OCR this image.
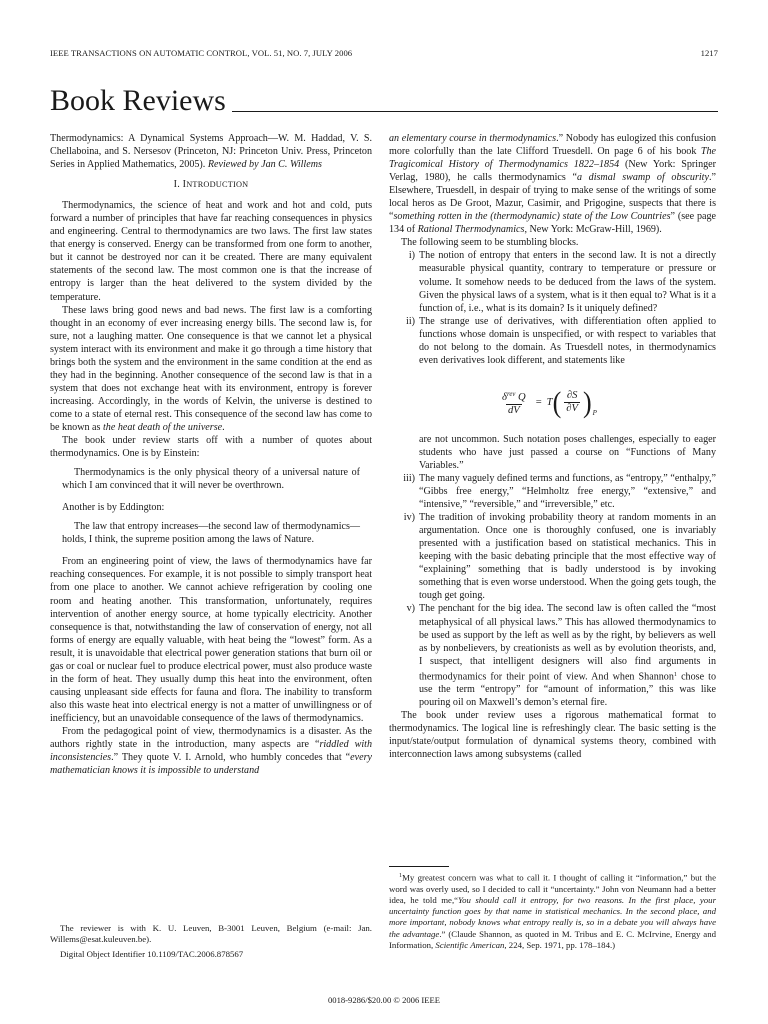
IEEE TRANSACTIONS ON AUTOMATIC CONTROL, VOL. 51, NO. 7, JULY 2006	1217
Book Reviews

Thermodynamics: A Dynamical Systems Approach—W. M. Haddad, V. S. Chellaboina, and S. Nersesov (Princeton, NJ: Princeton Univ. Press, Princeton Series in Applied Mathematics, 2005). Reviewed by Jan C. Willems

I. INTRODUCTION

Thermodynamics, the science of heat and work and hot and cold, puts forward a number of principles that have far reaching consequences in physics and engineering. Central to thermodynamics are two laws. The first law states that energy is conserved. Energy can be transformed from one form to another, but it cannot be destroyed nor can it be created. There are many equivalent statements of the second law. The most common one is that the increase of entropy is larger than the heat delivered to the system divided by the temperature.

These laws bring good news and bad news. The first law is a comforting thought in an economy of ever increasing energy bills. The second law is, for sure, not a laughing matter. One consequence is that we cannot let a physical system interact with its environment and make it go through a time history that brings both the system and the environment in the same condition at the end as they had in the beginning. Another consequence of the second law is that in a system that does not exchange heat with its environment, entropy is forever increasing. Accordingly, in the words of Kelvin, the universe is destined to come to a state of eternal rest. This consequence of the second law has come to be known as the heat death of the universe.

The book under review starts off with a number of quotes about thermodynamics. One is by Einstein:

Thermodynamics is the only physical theory of a universal nature of which I am convinced that it will never be overthrown.

Another is by Eddington:

The law that entropy increases—the second law of thermodynamics—holds, I think, the supreme position among the laws of Nature.

From an engineering point of view, the laws of thermodynamics have far reaching consequences. For example, it is not possible to simply transport heat from one place to another. We cannot achieve refrigeration by cooling one room and heating another. This transformation, unfortunately, requires intervention of another energy source, at home typically electricity. Another consequence is that, notwithstanding the law of conservation of energy, not all forms of energy are equally valuable, with heat being the “lowest” form. As a result, it is unavoidable that electrical power generation stations that burn oil or gas or coal or nuclear fuel to produce electrical power, must also produce waste in the form of heat. They usually dump this heat into the environment, often causing unpleasant side effects for fauna and flora. The inability to transform also this waste heat into electrical energy is not a matter of unwillingness or of inefficiency, but an unavoidable consequence of the laws of thermodynamics.

From the pedagogical point of view, thermodynamics is a disaster. As the authors rightly state in the introduction, many aspects are “riddled with inconsistencies.” They quote V. I. Arnold, who humbly concedes that “every mathematician knows it is impossible to understand

The reviewer is with K. U. Leuven, B-3001 Leuven, Belgium (e-mail: Jan. Willems@esat.kuleuven.be).

Digital Object Identifier 10.1109/TAC.2006.878567

an elementary course in thermodynamics.” Nobody has eulogized this confusion more colorfully than the late Clifford Truesdell. On page 6 of his book The Tragicomical History of Thermodynamics 1822–1854 (New York: Springer Verlag, 1980), he calls thermodynamics “a dismal swamp of obscurity.” Elsewhere, Truesdell, in despair of trying to make sense of the writings of some local heros as De Groot, Mazur, Casimir, and Prigogine, suspects that there is “something rotten in the (thermodynamic) state of the Low Countries” (see page 134 of Rational Thermodynamics, New York: McGraw-Hill, 1969).

The following seem to be stumbling blocks.

i) The notion of entropy that enters in the second law. It is not a directly measurable physical quantity, contrary to temperature or pressure or volume. It somehow needs to be deduced from the laws of the system. Given the physical laws of a system, what is it then equal to? What is it a function of, i.e., what is its domain? Is it uniquely defined?

ii) The strange use of derivatives, with differentiation often applied to functions whose domain is unspecified, or with respect to variables that do not belong to the domain. As Truesdell notes, in thermodynamics even derivatives look different, and statements like

$\frac{\delta^{rev} Q}{dV} = T$ ( $\frac{\partial S}{\partial V}$ ) P

are not uncommon. Such notation poses challenges, especially to eager students who have just passed a course on “Functions of Many Variables.”

iii) The many vaguely defined terms and functions, as “entropy,” “enthalpy,” “Gibbs free energy,” “Helmholtz free energy,” “extensive,” and “intensive,” “reversible,” and “irreversible,” etc.

iv) The tradition of invoking probability theory at random moments in an argumentation. Once one is thoroughly confused, one is invariably presented with a justification based on statistical mechanics. This in keeping with the basic debating principle that the most effective way of “explaining” something that is badly understood is by invoking something that is even worse understood. When the going gets tough, the tough get going.

v) The penchant for the big idea. The second law is often called the “most metaphysical of all physical laws.” This has allowed thermodynamics to be used as support by the left as well as by the right, by believers as well as by nonbelievers, by creationists as well as by evolution theorists, and, I suspect, that intelligent designers will also find arguments in thermodynamics for their point of view. And when Shannon$^1$ chose to use the term “entropy” for “amount of information,” this was like pouring oil on Maxwell’s demon’s eternal fire.

The book under review uses a rigorous mathematical format to thermodynamics. The logical line is refreshingly clear. The basic setting is the input/state/output formulation of dynamical systems theory, combined with interconnection laws among subsystems (called

$^1$My greatest concern was what to call it. I thought of calling it “information,” but the word was overly used, so I decided to call it “uncertainty.” John von Neumann had a better idea, he told me,“You should call it entropy, for two reasons. In the first place, your uncertainty function goes by that name in statistical mechanics. In the second place, and more important, nobody knows what entropy really is, so in a debate you will always have the advantage.” (Claude Shannon, as quoted in M. Tribus and E. C. McIrvine, Energy and Information, Scientific American, 224, Sep. 1971, pp. 178–184.)

0018-9286/$20.00 © 2006 IEEE
